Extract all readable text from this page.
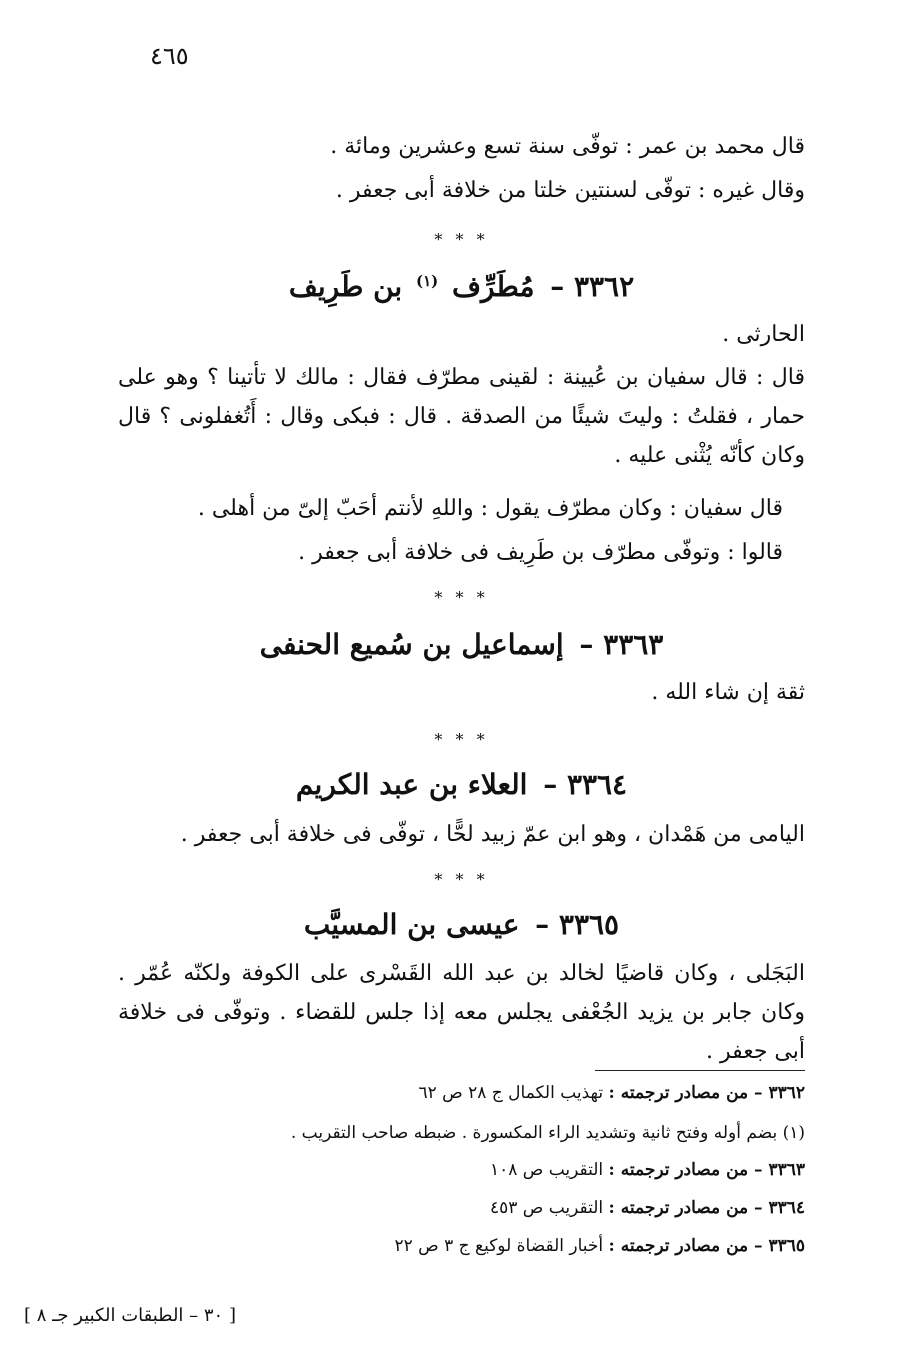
٤٦٥
قال محمد بن عمر : توفّى سنة تسع وعشرين ومائة .
وقال غيره : توفّى لسنتين خلتا من خلافة أبى جعفر .
* * *
٣٣٦٢ – مُطَرِّف $^{(١)}$ بن طَرِيف
الحارثى .
قال : قال سفيان بن عُيينة : لقينى مطرّف فقال : مالك لا تأتينا ؟ وهو على حمار ، فقلتُ : وليتَ شيئًا من الصدقة . قال : فبكى وقال : أَتُغفلونى ؟ قال وكان كأنّه يُثْنى عليه .
قال سفيان : وكان مطرّف يقول : واللهِ لأنتم أحَبّ إلىّ من أهلى .
قالوا : وتوفّى مطرّف بن طَرِيف فى خلافة أبى جعفر .
* * *
٣٣٦٣ – إسماعيل بن سُميع الحنفى
ثقة إن شاء الله .
* * *
٣٣٦٤ – العلاء بن عبد الكريم
اليامى من هَمْدان ، وهو ابن عمّ زبيد لحًّا ، توفّى فى خلافة أبى جعفر .
* * *
٣٣٦٥ – عيسى بن المسيَّب
البَجَلى ، وكان قاضيًا لخالد بن عبد الله القَسْرى على الكوفة ولكنّه عُمّر . وكان جابر بن يزيد الجُعْفى يجلس معه إذا جلس للقضاء . وتوفّى فى خلافة أبى جعفر .
٣٣٦٢ – من مصادر ترجمته : تهذيب الكمال ج ٢٨ ص ٦٢
(١) بضم أوله وفتح ثانية وتشديد الراء المكسورة . ضبطه صاحب التقريب .
٣٣٦٣ – من مصادر ترجمته : التقريب ص ١٠٨
٣٣٦٤ – من مصادر ترجمته : التقريب ص ٤٥٣
٣٣٦٥ – من مصادر ترجمته : أخبار القضاة لوكيع ج ٣ ص ٢٢
[ ٣٠ – الطبقات الكبير جـ ٨ ]
